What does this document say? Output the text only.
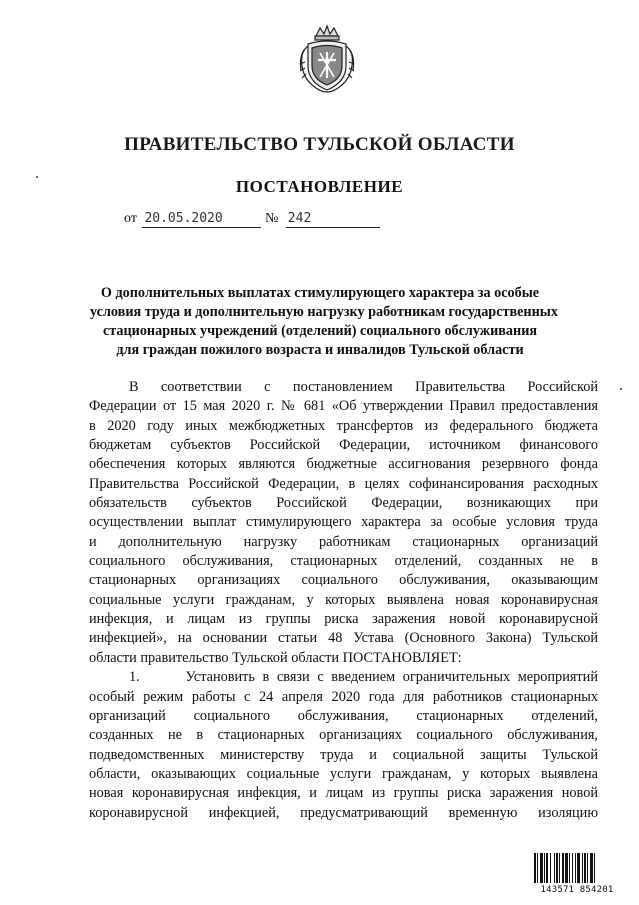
ПРАВИТЕЛЬСТВО ТУЛЬСКОЙ ОБЛАСТИ
ПОСТАНОВЛЕНИЕ
от 20.05.2020	№ 242
О дополнительных выплатах стимулирующего характера за особые
условия труда и дополнительную нагрузку работникам государственных
стационарных учреждений (отделений) социального обслуживания
для граждан пожилого возраста и инвалидов Тульской области
В соответствии с постановлением Правительства Российской
Федерации от 15 мая 2020 г. № 681 «Об утверждении Правил предоставления
в 2020 году иных межбюджетных трансфертов из федерального бюджета
бюджетам субъектов Российской Федерации, источником финансового
обеспечения которых являются бюджетные ассигнования резервного фонда
Правительства Российской Федерации, в целях софинансирования расходных
обязательств субъектов Российской Федерации, возникающих при
осуществлении выплат стимулирующего характера за особые условия труда
и дополнительную нагрузку работникам стационарных организаций
социального обслуживания, стационарных отделений, созданных не в
стационарных организациях социального обслуживания, оказывающим
социальные услуги гражданам, у которых выявлена новая коронавирусная
инфекция, и лицам из группы риска заражения новой коронавирусной
инфекцией», на основании статьи 48 Устава (Основного Закона) Тульской
области правительство Тульской области ПОСТАНОВЛЯЕТ:
1.      Установить в связи с введением ограничительных мероприятий
особый режим работы с 24 апреля 2020 года для работников стационарных
организаций социального обслуживания, стационарных отделений,
созданных не в стационарных организациях социального обслуживания,
подведомственных министерству труда и социальной защиты Тульской
области, оказывающих социальные услуги гражданам, у которых выявлена
новая коронавирусная инфекция, и лицам из группы риска заражения новой
коронавирусной инфекцией, предусматривающий временную изоляцию
143571 854201
